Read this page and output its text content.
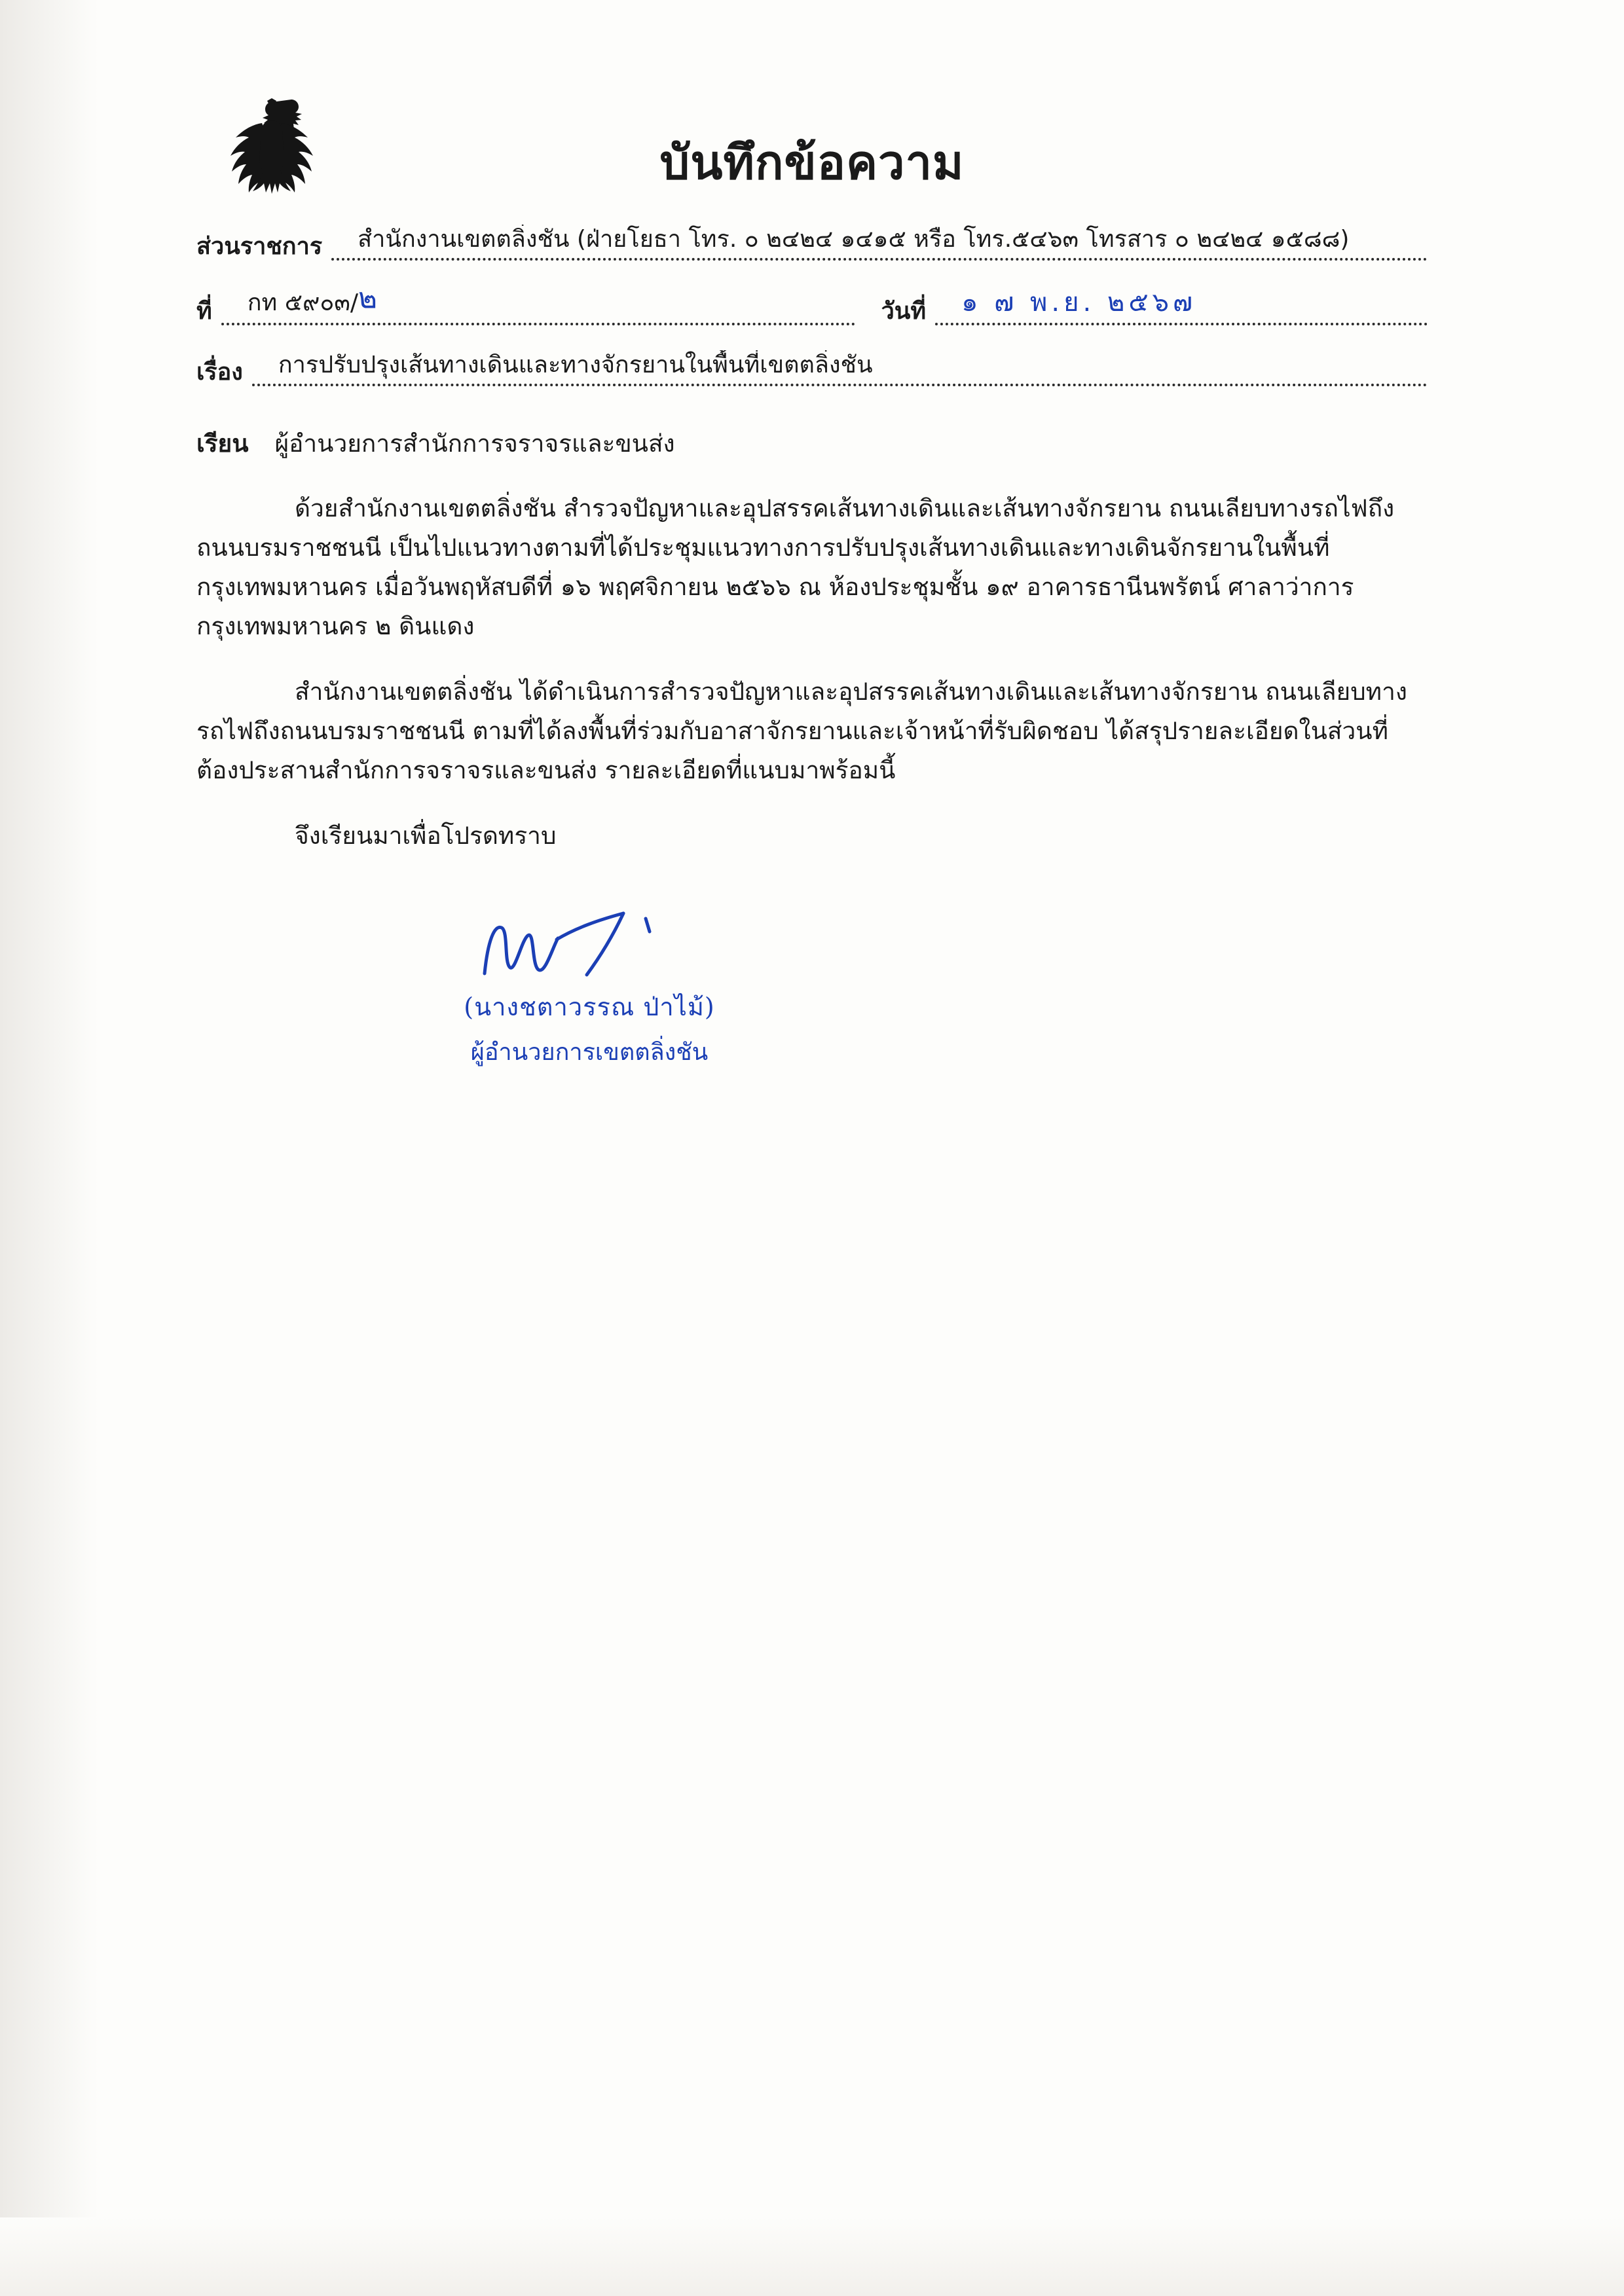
บันทึกข้อความ
ส่วนราชการ	สำนักงานเขตตลิ่งชัน (ฝ่ายโยธา โทร. ๐ ๒๔๒๔ ๑๔๑๕ หรือ โทร.๕๔๖๓ โทรสาร ๐ ๒๔๒๔ ๑๕๘๘)
ที่	กท ๕๙๐๓/๒	วันที่	๑ ๗ พ.ย. ๒๕๖๗
เรื่อง	การปรับปรุงเส้นทางเดินและทางจักรยานในพื้นที่เขตตลิ่งชัน
เรียน	ผู้อำนวยการสำนักการจราจรและขนส่ง

ด้วยสำนักงานเขตตลิ่งชัน สำรวจปัญหาและอุปสรรคเส้นทางเดินและเส้นทางจักรยาน ถนนเลียบทางรถไฟถึงถนนบรมราชชนนี เป็นไปแนวทางตามที่ได้ประชุมแนวทางการปรับปรุงเส้นทางเดินและทางเดินจักรยานในพื้นที่กรุงเทพมหานคร เมื่อวันพฤหัสบดีที่ ๑๖ พฤศจิกายน ๒๕๖๖ ณ ห้องประชุมชั้น ๑๙ อาคารธานีนพรัตน์ ศาลาว่าการกรุงเทพมหานคร ๒ ดินแดง

สำนักงานเขตตลิ่งชัน ได้ดำเนินการสำรวจปัญหาและอุปสรรคเส้นทางเดินและเส้นทางจักรยาน ถนนเลียบทางรถไฟถึงถนนบรมราชชนนี ตามที่ได้ลงพื้นที่ร่วมกับอาสาจักรยานและเจ้าหน้าที่รับผิดชอบ ได้สรุปรายละเอียดในส่วนที่ต้องประสานสำนักการจราจรและขนส่ง รายละเอียดที่แนบมาพร้อมนี้

จึงเรียนมาเพื่อโปรดทราบ

(นางชตาวรรณ ป่าไม้)
ผู้อำนวยการเขตตลิ่งชัน
